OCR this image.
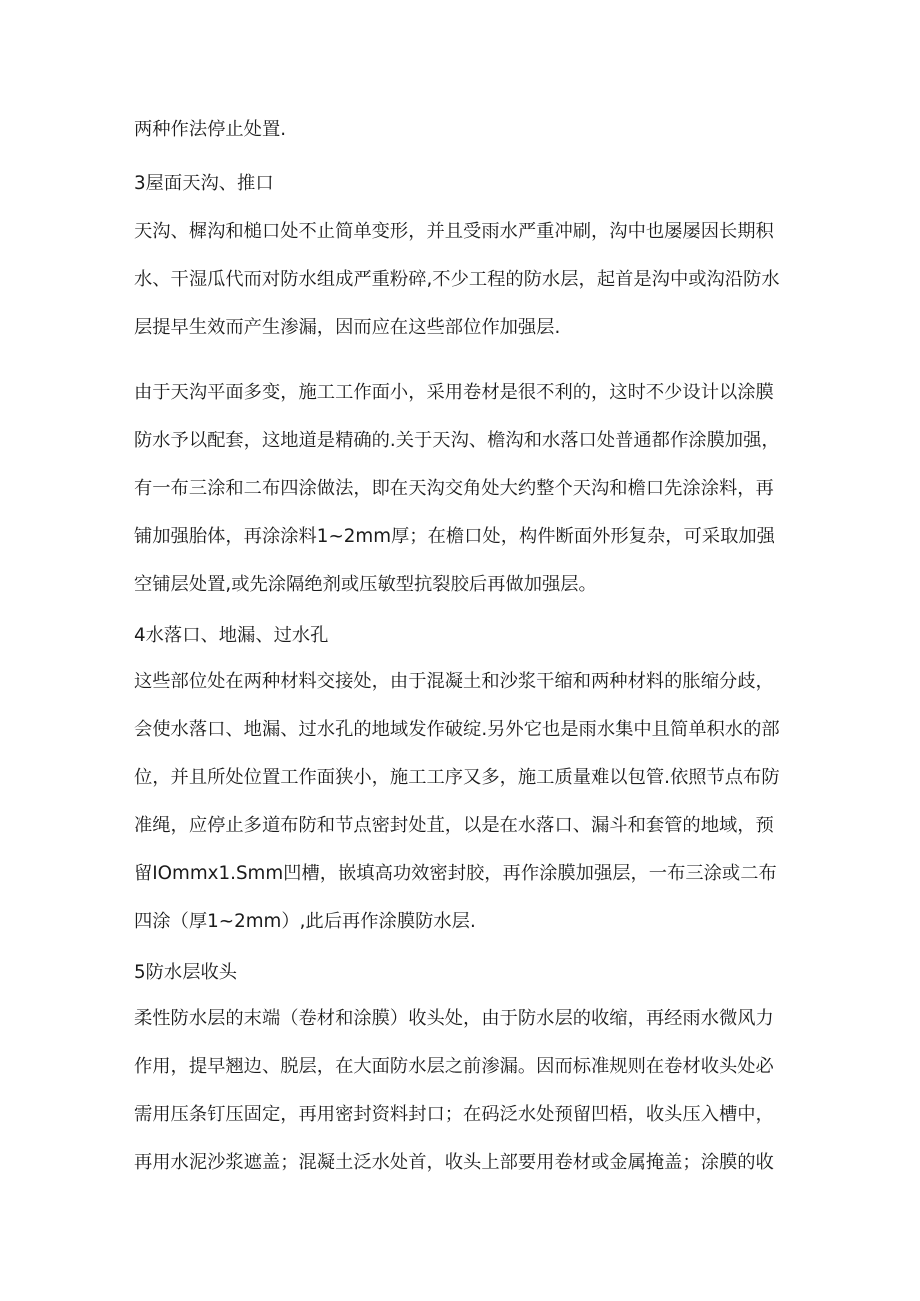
两种作法停止处置.
3屋面天沟、推口
天沟、樨沟和槌口处不止简单变形，并且受雨水严重冲刷，沟中也屡屡因长期积
水、干湿瓜代而对防水组成严重粉碎,不少工程的防水层，起首是沟中或沟沿防水
层提早生效而产生渗漏，因而应在这些部位作加强层.
由于天沟平面多变，施工工作面小，采用卷材是很不利的，这时不少设计以涂膜
防水予以配套，这地道是精确的.关于天沟、檐沟和水落口处普通都作涂膜加强，
有一布三涂和二布四涂做法，即在天沟交角处大约整个天沟和檐口先涂涂料，再
铺加强胎体，再涂涂料1~2mm厚；在檐口处，构件断面外形复杂，可采取加强
空铺层处置,或先涂隔绝剂或压敏型抗裂胶后再做加强层。
4水落口、地漏、过水孔
这些部位处在两种材料交接处，由于混凝土和沙浆干缩和两种材料的胀缩分歧，
会使水落口、地漏、过水孔的地域发作破绽.另外它也是雨水集中且简单积水的部
位，并且所处位置工作面狭小，施工工序又多，施工质量难以包管.依照节点布防
准绳，应停止多道布防和节点密封处苴，以是在水落口、漏斗和套管的地域，预
留IOmmx1.Smm凹槽，嵌填高功效密封胶，再作涂膜加强层，一布三涂或二布
四涂（厚1~2mm）,此后再作涂膜防水层.
5防水层收头
柔性防水层的末端（卷材和涂膜）收头处，由于防水层的收缩，再经雨水微风力
作用，提早翘边、脱层，在大面防水层之前渗漏。因而标准规则在卷材收头处必
需用压条钉压固定，再用密封资料封口；在码泛水处预留凹梧，收头压入槽中，
再用水泥沙浆遮盖；混凝土泛水处首，收头上部要用卷材或金属掩盖；涂膜的收
